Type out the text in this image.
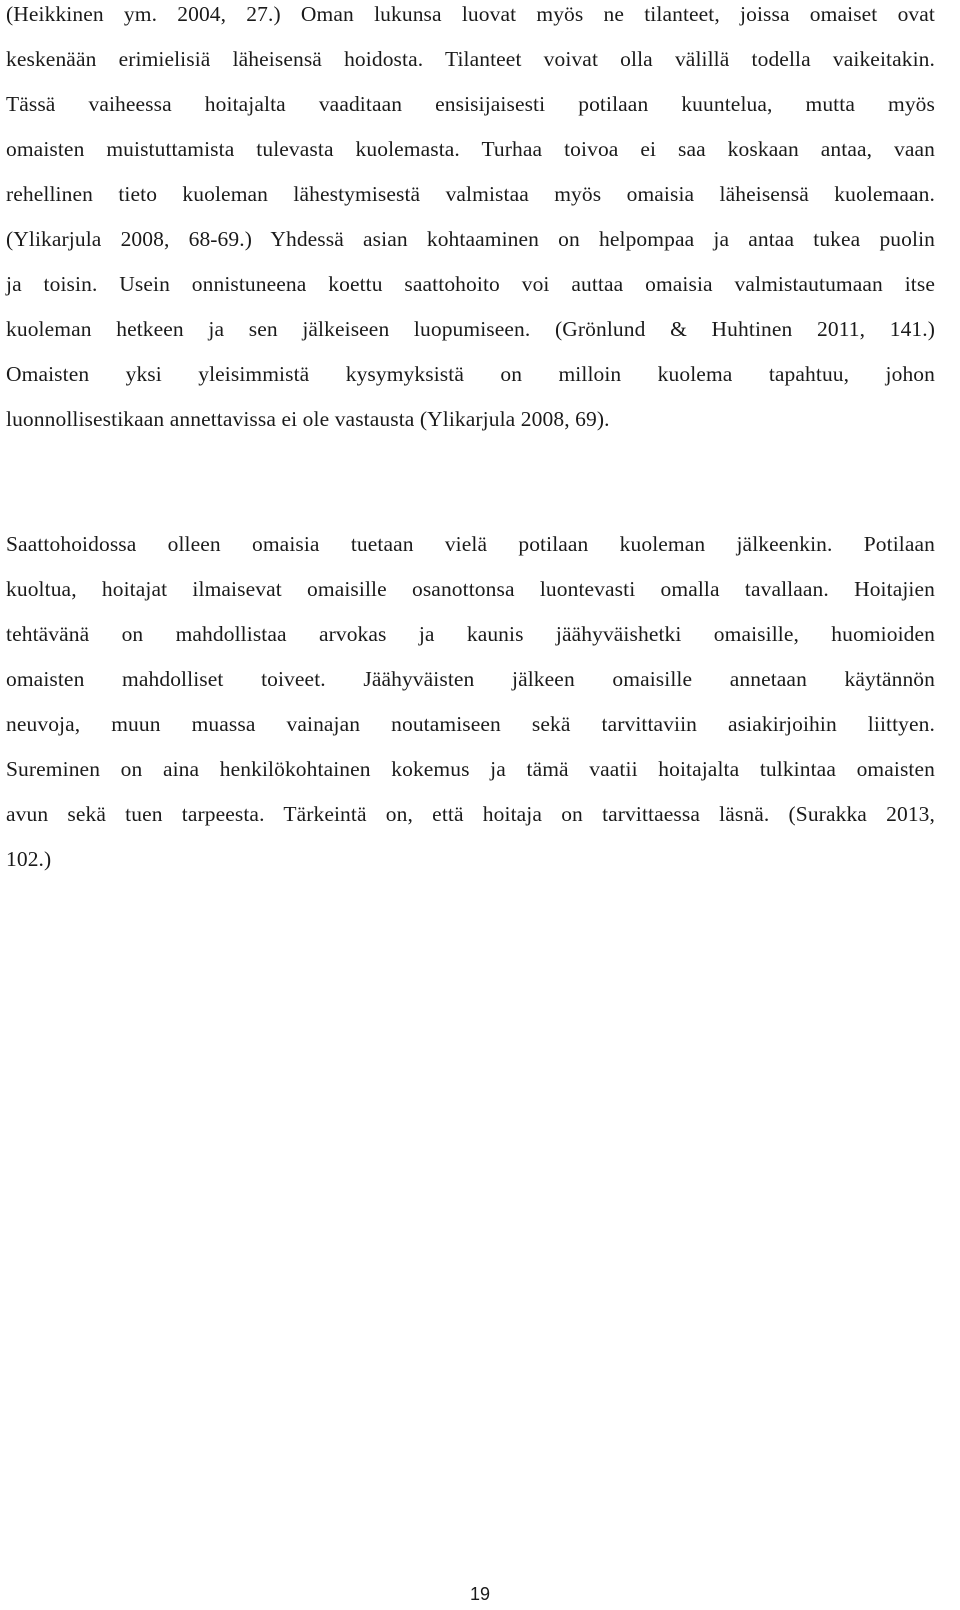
(Heikkinen ym. 2004, 27.) Oman lukunsa luovat myös ne tilanteet, joissa omaiset ovat
keskenään erimielisiä läheisensä hoidosta. Tilanteet voivat olla välillä todella vaikeitakin.
Tässä vaiheessa hoitajalta vaaditaan ensisijaisesti potilaan kuuntelua, mutta myös
omaisten muistuttamista tulevasta kuolemasta. Turhaa toivoa ei saa koskaan antaa, vaan
rehellinen tieto kuoleman lähestymisestä valmistaa myös omaisia läheisensä kuolemaan.
(Ylikarjula 2008, 68-69.) Yhdessä asian kohtaaminen on helpompaa ja antaa tukea puolin
ja toisin. Usein onnistuneena koettu saattohoito voi auttaa omaisia valmistautumaan itse
kuoleman hetkeen ja sen jälkeiseen luopumiseen. (Grönlund & Huhtinen 2011, 141.)
Omaisten yksi yleisimmistä kysymyksistä on milloin kuolema tapahtuu, johon
luonnollisestikaan annettavissa ei ole vastausta (Ylikarjula 2008, 69).
Saattohoidossa olleen omaisia tuetaan vielä potilaan kuoleman jälkeenkin. Potilaan
kuoltua, hoitajat ilmaisevat omaisille osanottonsa luontevasti omalla tavallaan. Hoitajien
tehtävänä on mahdollistaa arvokas ja kaunis jäähyväishetki omaisille, huomioiden
omaisten mahdolliset toiveet. Jäähyväisten jälkeen omaisille annetaan käytännön
neuvoja, muun muassa vainajan noutamiseen sekä tarvittaviin asiakirjoihin liittyen.
Sureminen on aina henkilökohtainen kokemus ja tämä vaatii hoitajalta tulkintaa omaisten
avun sekä tuen tarpeesta. Tärkeintä on, että hoitaja on tarvittaessa läsnä. (Surakka 2013,
102.)
19
